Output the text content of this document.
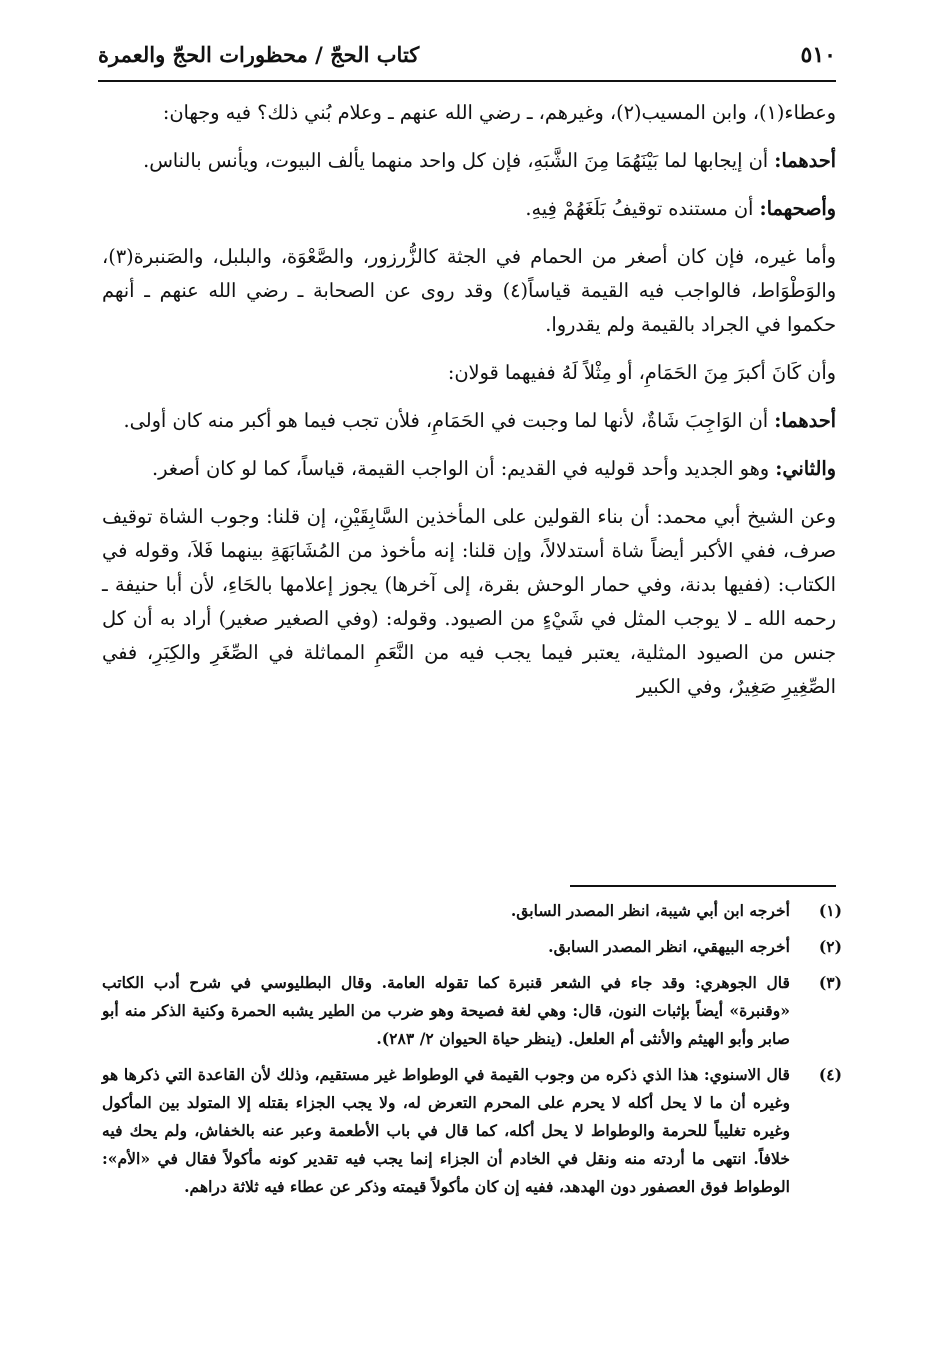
٥١٠
كتاب الحجّ / محظورات الحجّ والعمرة

وعطاء(١)، وابن المسيب(٢)، وغيرهم، ـ رضي الله عنهم ـ وعلام بُني ذلك؟ فيه وجهان:

أحدهما: أن إيجابها لما بَيْنَهُمَا مِنَ الشَّبَهِ، فإن كل واحد منهما يألف البيوت، ويأنس بالناس.

وأصحهما: أن مستنده توقيفُ بَلَغَهُمْ فِيهِ.

وأما غيره، فإن كان أصغر من الحمام في الجثة كالزُّرزور، والصَّعْوَة، والبلبل، والصَنبرة(٣)، والوَطْوَاط، فالواجب فيه القيمة قياساً(٤) وقد روى عن الصحابة ـ رضي الله عنهم ـ أنهم حكموا في الجراد بالقيمة ولم يقدروا.

وأن كَانَ أكبرَ مِنَ الحَمَامِ، أو مِثْلاً لَهُ ففيهما قولان:

أحدهما: أن الوَاجِبَ شَاةٌ، لأنها لما وجبت في الحَمَامِ، فلأن تجب فيما هو أكبر منه كان أولى.

والثاني: وهو الجديد وأحد قوليه في القديم: أن الواجب القيمة، قياساً، كما لو كان أصغر.

وعن الشيخ أبي محمد: أن بناء القولين على المأخذين السَّابِقَيْنِ، إن قلنا: وجوب الشاة توقيف صرف، ففي الأكبر أيضاً شاة أستدلالاً، وإن قلنا: إنه مأخوذ من المُشَابَهَةِ بينهما فَلاَ، وقوله في الكتاب: (ففيها بدنة، وفي حمار الوحش بقرة، إلى آخرها) يجوز إعلامها بالحَاءِ، لأن أبا حنيفة ـ رحمه الله ـ لا يوجب المثل في شَيْءٍ من الصيود. وقوله: (وفي الصغير صغير) أراد به أن كل جنس من الصيود المثلية، يعتبر فيما يجب فيه من النَّعَمِ المماثلة في الصِّغَرِ والكِبَرِ، ففي الصِّغِيرِ صَغِيرٌ، وفي الكبير

(١)
أخرجه ابن أبي شيبة، انظر المصدر السابق.
(٢)
أخرجه البيهقي، انظر المصدر السابق.
(٣)
قال الجوهري: وقد جاء في الشعر قنبرة كما تقوله العامة. وقال البطليوسي في شرح أدب الكاتب «وقنبرة» أيضاً بإثبات النون، قال: وهي لغة فصيحة وهو ضرب من الطير يشبه الحمرة وكنية الذكر منه أبو صابر وأبو الهيثم والأنثى أم العلعل. (ينظر حياة الحيوان ٢/ ٢٨٣).
(٤)
قال الاسنوي: هذا الذي ذكره من وجوب القيمة في الوطواط غير مستقيم، وذلك لأن القاعدة التي ذكرها هو وغيره أن ما لا يحل أكله لا يحرم على المحرم التعرض له، ولا يجب الجزاء بقتله إلا المتولد بين المأكول وغيره تغليباً للحرمة والوطواط لا يحل أكله، كما قال في باب الأطعمة وعبر عنه بالخفاش، ولم يحك فيه خلافاً. انتهى ما أردته منه ونقل في الخادم أن الجزاء إنما يجب فيه تقدير كونه مأكولاً فقال في «الأم»: الوطواط فوق العصفور دون الهدهد، ففيه إن كان مأكولاً قيمته وذكر عن عطاء فيه ثلاثة دراهم.
